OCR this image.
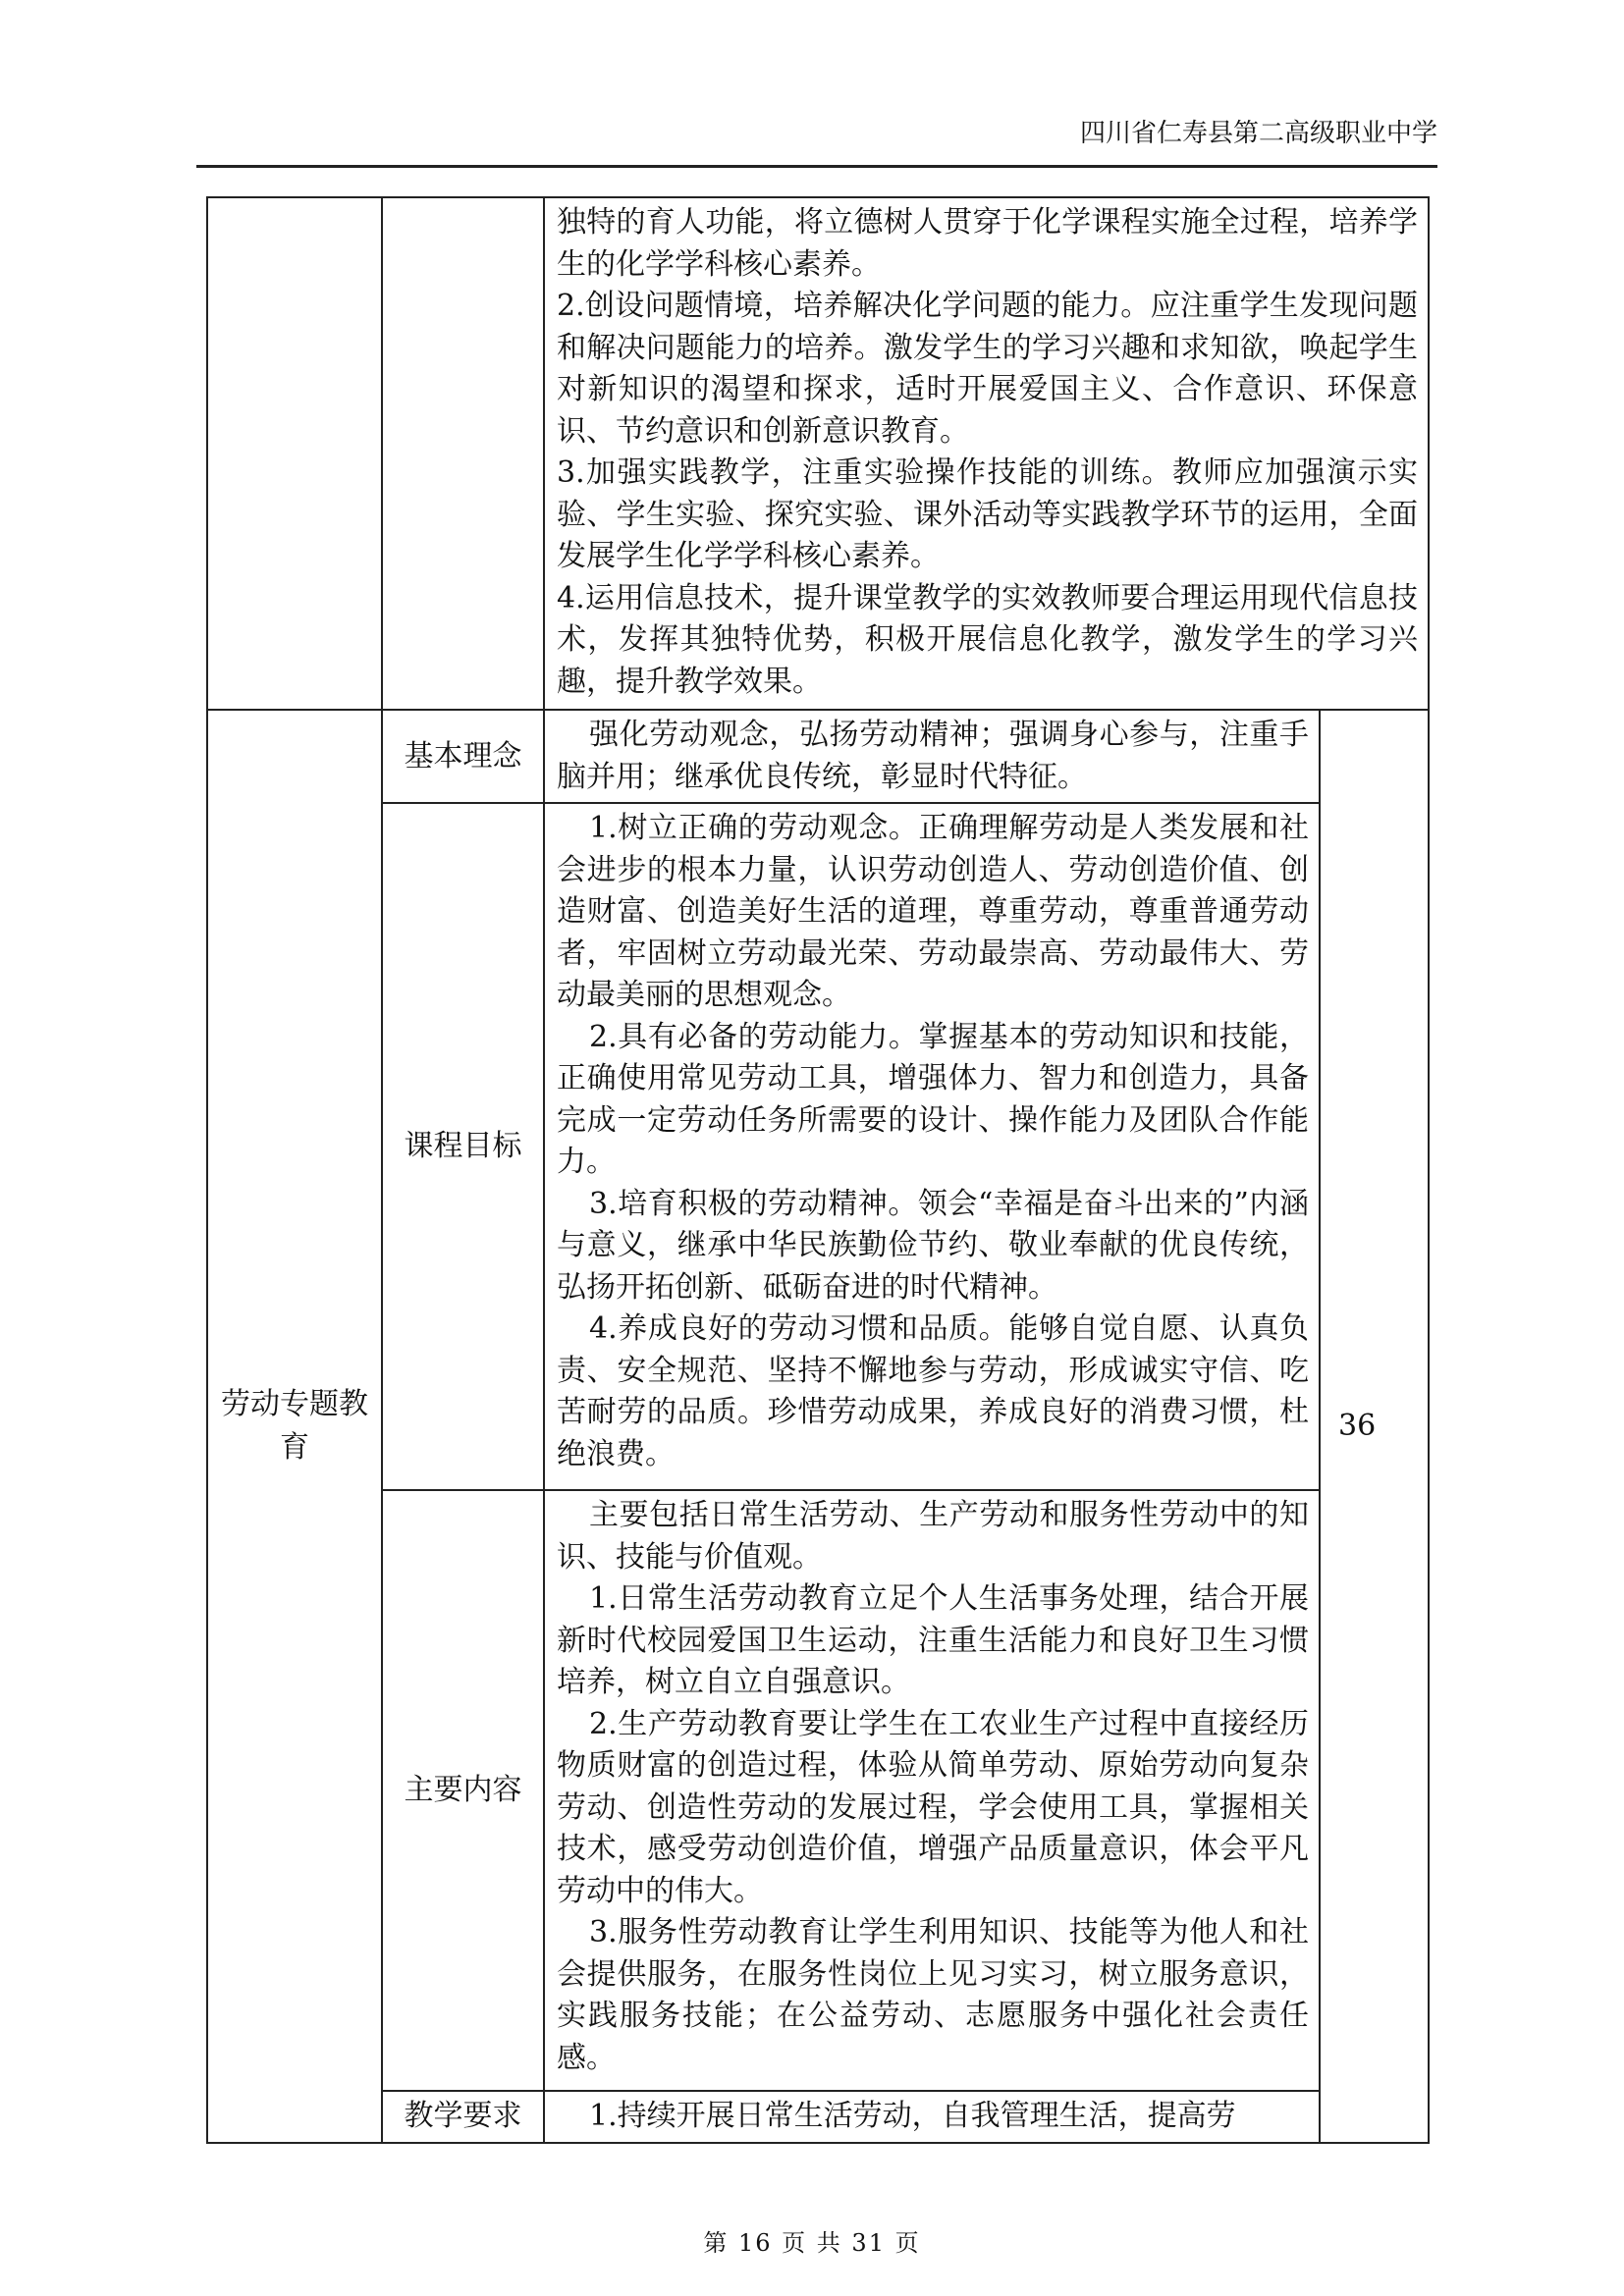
四川省仁寿县第二高级职业中学

		独特的育人功能，将立德树人贯穿于化学课程实施全过程，培养学生的化学学科核心素养。

2.创设问题情境，培养解决化学问题的能力。应注重学生发现问题和解决问题能力的培养。激发学生的学习兴趣和求知欲，唤起学生对新知识的渴望和探求，适时开展爱国主义、合作意识、环保意识、节约意识和创新意识教育。

3.加强实践教学，注重实验操作技能的训练。教师应加强演示实验、学生实验、探究实验、课外活动等实践教学环节的运用，全面发展学生化学学科核心素养。

4.运用信息技术，提升课堂教学的实效教师要合理运用现代信息技术，发挥其独特优势，积极开展信息化教学，激发学生的学习兴趣，提升教学效果。	

劳动专题教育	基本理念	强化劳动观念，弘扬劳动精神；强调身心参与，注重手脑并用；继承优良传统，彰显时代特征。	36
	课程目标	1.树立正确的劳动观念。正确理解劳动是人类发展和社会进步的根本力量，认识劳动创造人、劳动创造价值、创造财富、创造美好生活的道理，尊重劳动，尊重普通劳动者，牢固树立劳动最光荣、劳动最崇高、劳动最伟大、劳动最美丽的思想观念。

2.具有必备的劳动能力。掌握基本的劳动知识和技能，正确使用常见劳动工具，增强体力、智力和创造力，具备完成一定劳动任务所需要的设计、操作能力及团队合作能力。

3.培育积极的劳动精神。领会“幸福是奋斗出来的”内涵与意义，继承中华民族勤俭节约、敬业奉献的优良传统，弘扬开拓创新、砥砺奋进的时代精神。

4.养成良好的劳动习惯和品质。能够自觉自愿、认真负责、安全规范、坚持不懈地参与劳动，形成诚实守信、吃苦耐劳的品质。珍惜劳动成果，养成良好的消费习惯，杜绝浪费。	

	主要内容	主要包括日常生活劳动、生产劳动和服务性劳动中的知识、技能与价值观。

1.日常生活劳动教育立足个人生活事务处理，结合开展新时代校园爱国卫生运动，注重生活能力和良好卫生习惯培养，树立自立自强意识。

2.生产劳动教育要让学生在工农业生产过程中直接经历物质财富的创造过程，体验从简单劳动、原始劳动向复杂劳动、创造性劳动的发展过程，学会使用工具，掌握相关技术，感受劳动创造价值，增强产品质量意识，体会平凡劳动中的伟大。

3.服务性劳动教育让学生利用知识、技能等为他人和社会提供服务，在服务性岗位上见习实习，树立服务意识，实践服务技能；在公益劳动、志愿服务中强化社会责任感。	

	教学要求	1.持续开展日常生活劳动，自我管理生活，提高劳	

第 16 页 共 31 页
